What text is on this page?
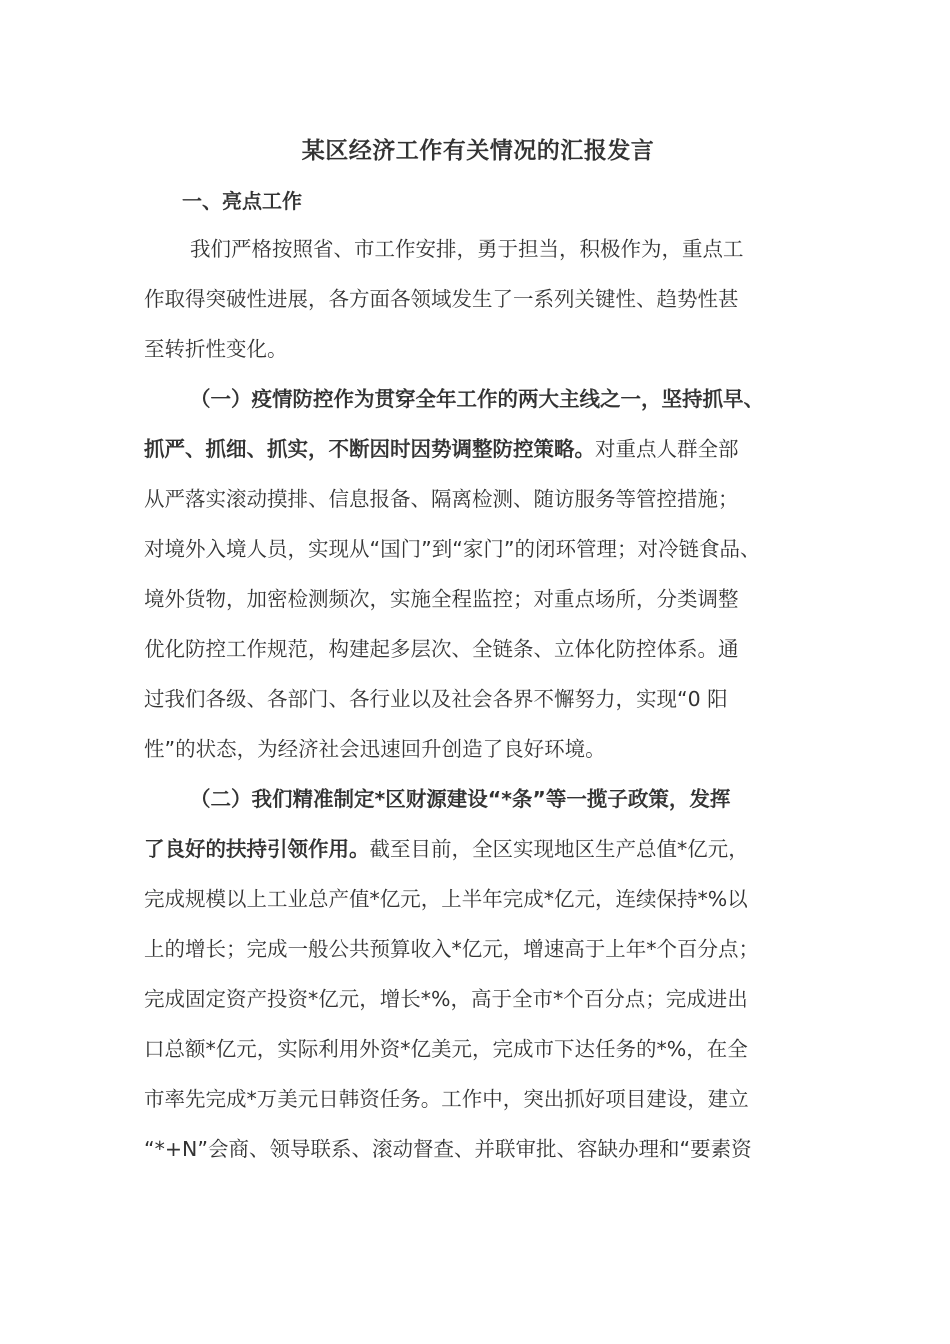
某区经济工作有关情况的汇报发言
一、亮点工作
我们严格按照省、市工作安排，勇于担当，积极作为，重点工
作取得突破性进展，各方面各领域发生了一系列关键性、趋势性甚
至转折性变化。
（一）疫情防控作为贯穿全年工作的两大主线之一，坚持抓早、
抓严、抓细、抓实，不断因时因势调整防控策略。对重点人群全部
从严落实滚动摸排、信息报备、隔离检测、随访服务等管控措施；
对境外入境人员，实现从“国门”到“家门”的闭环管理；对冷链食品、
境外货物，加密检测频次，实施全程监控；对重点场所，分类调整
优化防控工作规范，构建起多层次、全链条、立体化防控体系。通
过我们各级、各部门、各行业以及社会各界不懈努力，实现“0 阳
性”的状态，为经济社会迅速回升创造了良好环境。
（二）我们精准制定*区财源建设“*条”等一揽子政策，发挥
了良好的扶持引领作用。截至目前，全区实现地区生产总值*亿元，
完成规模以上工业总产值*亿元，上半年完成*亿元，连续保持*%以
上的增长；完成一般公共预算收入*亿元，增速高于上年*个百分点；
完成固定资产投资*亿元，增长*%，高于全市*个百分点；完成进出
口总额*亿元，实际利用外资*亿美元，完成市下达任务的*%，在全
市率先完成*万美元日韩资任务。工作中，突出抓好项目建设，建立
“*+N”会商、领导联系、滚动督查、并联审批、容缺办理和“要素资
